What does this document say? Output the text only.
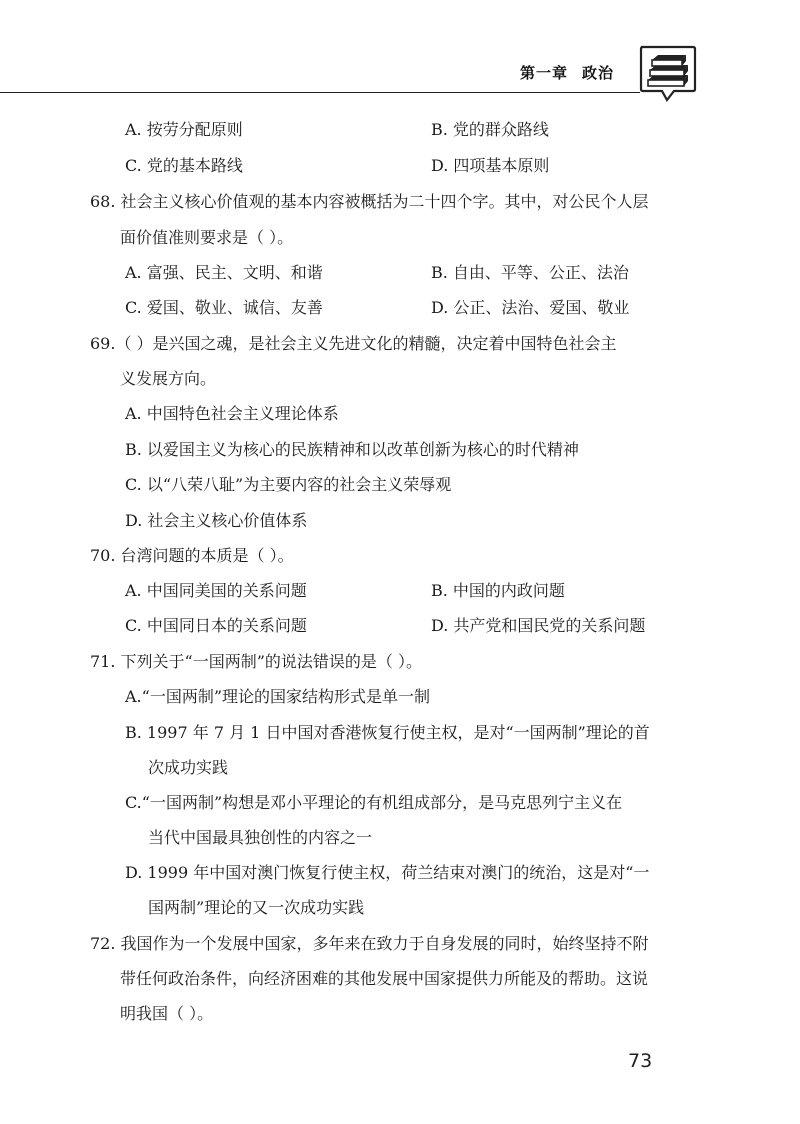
第一章 政治
A. 按劳分配原则	B. 党的群众路线
C. 党的基本路线	D. 四项基本原则
68. 社会主义核心价值观的基本内容被概括为二十四个字。其中，对公民个人层
面价值准则要求是（ ）。
A. 富强、民主、文明、和谐	B. 自由、平等、公正、法治
C. 爱国、敬业、诚信、友善	D. 公正、法治、爱国、敬业
69.（ ）是兴国之魂，是社会主义先进文化的精髓，决定着中国特色社会主
义发展方向。
A. 中国特色社会主义理论体系
B. 以爱国主义为核心的民族精神和以改革创新为核心的时代精神
C. 以“八荣八耻”为主要内容的社会主义荣辱观
D. 社会主义核心价值体系
70. 台湾问题的本质是（ ）。
A. 中国同美国的关系问题	B. 中国的内政问题
C. 中国同日本的关系问题	D. 共产党和国民党的关系问题
71. 下列关于“一国两制”的说法错误的是（ ）。
A.“一国两制”理论的国家结构形式是单一制
B. 1997 年 7 月 1 日中国对香港恢复行使主权，是对“一国两制”理论的首
次成功实践
C.“一国两制”构想是邓小平理论的有机组成部分，是马克思列宁主义在
当代中国最具独创性的内容之一
D. 1999 年中国对澳门恢复行使主权，荷兰结束对澳门的统治，这是对“一
国两制”理论的又一次成功实践
72. 我国作为一个发展中国家，多年来在致力于自身发展的同时，始终坚持不附
带任何政治条件，向经济困难的其他发展中国家提供力所能及的帮助。这说
明我国（ ）。
73
